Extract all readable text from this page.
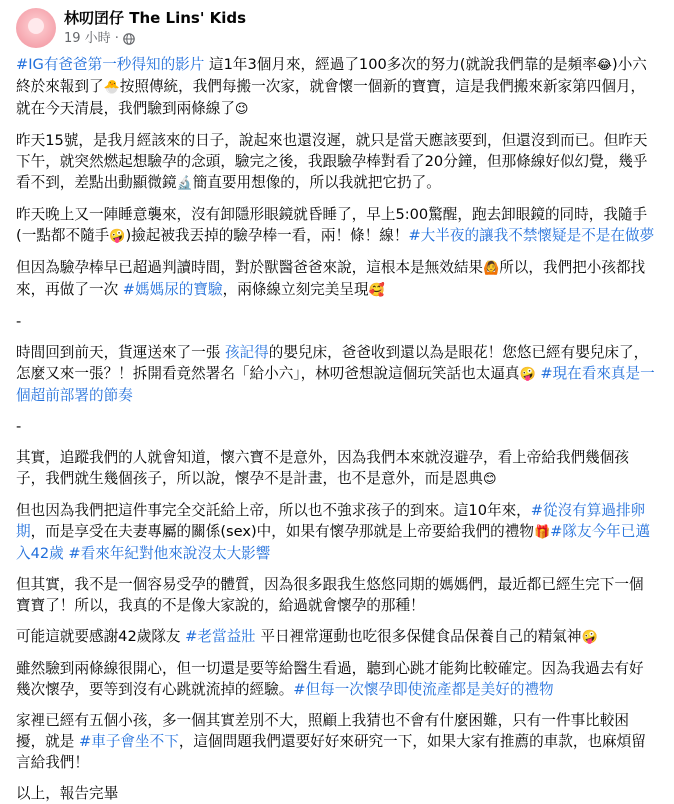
林叨囝仔 The Lins' Kids
19 小時 ·

#IG有爸爸第一秒得知的影片 這1年3個月來，經過了100多次的努力(就說我們靠的是頻率😂)小六終於來報到了🐣按照傳統，我們每搬一次家，就會懷一個新的寶寶，這是我們搬來新家第四個月，就在今天清晨，我們驗到兩條線了😉

昨天15號，是我月經該來的日子，說起來也還沒遲，就只是當天應該要到，但還沒到而已。但昨天下午，就突然燃起想驗孕的念頭，驗完之後，我跟驗孕棒對看了20分鐘，但那條線好似幻覺，幾乎看不到，差點出動顯微鏡🔬簡直要用想像的，所以我就把它扔了。

昨天晚上又一陣睡意襲來，沒有卸隱形眼鏡就昏睡了，早上5:00驚醒，跑去卸眼鏡的同時，我隨手(一點都不隨手🤪)撿起被我丟掉的驗孕棒一看，兩！條！線！#大半夜的讓我不禁懷疑是不是在做夢

但因為驗孕棒早已超過判讀時間，對於獸醫爸爸來說，這根本是無效結果🙆所以，我們把小孩都找來，再做了一次 #媽媽尿的寶驗，兩條線立刻完美呈現🥰

-

時間回到前天，貨運送來了一張 孩記得的嬰兒床，爸爸收到還以為是眼花！您悠已經有嬰兒床了，怎麼又來一張？！拆開看竟然署名「給小六」，林叨爸想說這個玩笑話也太逼真🤪 #現在看來真是一個超前部署的節奏

-

其實，追蹤我們的人就會知道，懷六寶不是意外，因為我們本來就沒避孕，看上帝給我們幾個孩子，我們就生幾個孩子，所以說，懷孕不是計畫，也不是意外，而是恩典😊

但也因為我們把這件事完全交託給上帝，所以也不強求孩子的到來。這10年來，#從沒有算過排卵期，而是享受在夫妻專屬的關係(sex)中，如果有懷孕那就是上帝要給我們的禮物🎁#隊友今年已邁入42歲 #看來年紀對他來說沒太大影響

但其實，我不是一個容易受孕的體質，因為很多跟我生悠悠同期的媽媽們，最近都已經生完下一個寶寶了！所以，我真的不是像大家說的，給過就會懷孕的那種！

可能這就要感謝42歲隊友 #老當益壯 平日裡常運動也吃很多保健食品保養自己的精氣神🤪

雖然驗到兩條線很開心，但一切還是要等給醫生看過，聽到心跳才能夠比較確定。因為我過去有好幾次懷孕，要等到沒有心跳就流掉的經驗。#但每一次懷孕即使流產都是美好的禮物

家裡已經有五個小孩，多一個其實差別不大，照顧上我猜也不會有什麼困難，只有一件事比較困擾，就是 #車子會坐不下，這個問題我們還要好好來研究一下，如果大家有推薦的車款，也麻煩留言給我們！

以上，報告完畢
